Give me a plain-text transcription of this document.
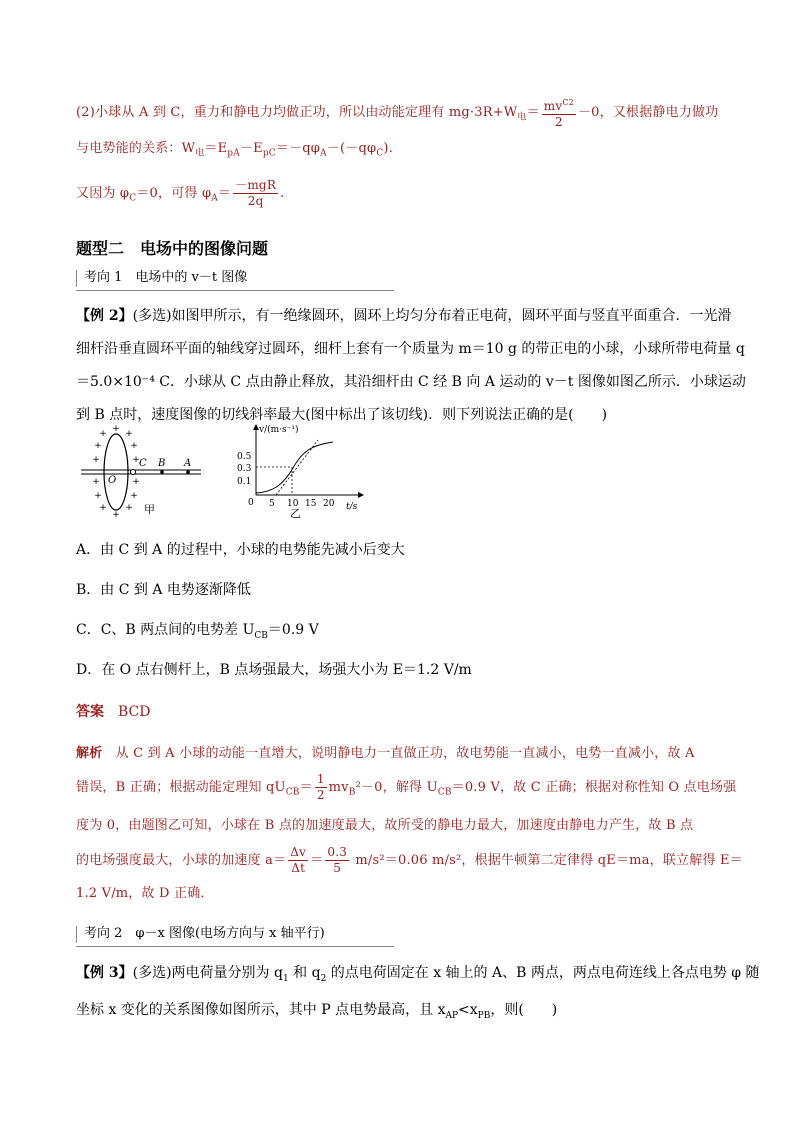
(2)小球从 A 到 C，重力和静电力均做正功，所以由动能定理有 $mg\cdot 3R+W_电= \frac{mv^{C2}}{2} -0$，又根据静电力做功
与电势能的关系：$W_电=E_{pA}-E_{pC}=-q\varphi_A-(-q\varphi_C)$.
又因为 $\varphi_C=0$，可得 $\varphi_A= \frac{\text{－mgR}}{2q}$ .
题型二　电场中的图像问题
考向 1　电场中的 v－t 图像
【例 2】(多选)如图甲所示，有一绝缘圆环，圆环上均匀分布着正电荷，圆环平面与竖直平面重合．一光滑
细杆沿垂直圆环平面的轴线穿过圆环，细杆上套有一个质量为 m＝10 g 的带正电的小球，小球所带电荷量 q
＝5.0×10⁻⁴ C．小球从 C 点由静止释放，其沿细杆由 C 经 B 向 A 运动的 v－t 图像如图乙所示．小球运动
到 B 点时，速度图像的切线斜率最大(图中标出了该切线)．则下列说法正确的是(　　)
+
+ +
+	+
+	+
+	+
+	+
+ +
+
C B A
O
甲
v/(m·s⁻¹)
t/s
0.5
0.3
0.1
0 5 10 15 20
乙
A．由 C 到 A 的过程中，小球的电势能先减小后变大
B．由 C 到 A 电势逐渐降低
C．C、B 两点间的电势差 $U_{CB}=0.9$ V
D．在 O 点右侧杆上，B 点场强最大，场强大小为 E＝1.2 V/m
答案　 BCD
解析　 从 C 到 A 小球的动能一直增大，说明静电力一直做正功，故电势能一直减小，电势一直减小，故 A
错误，B 正确；根据动能定理知 $qU_{CB}= \frac{1}{2} mv_B^2-0$，解得 $U_{CB}=0.9$ V，故 C 正确；根据对称性知 O 点电场强
度为 0，由题图乙可知，小球在 B 点的加速度最大，故所受的静电力最大，加速度由静电力产生，故 B 点
的电场强度最大，小球的加速度 $a= \frac{\Delta v}{\Delta t} = \frac{0.3}{5} m/s^2=0.06$ m/s²，根据牛顿第二定律得 qE＝ma，联立解得 E＝
1.2 V/m，故 D 正确．
考向 2　φ－x 图像(电场方向与 x 轴平行)
【例 3】(多选)两电荷量分别为 $q_1$ 和 $q_2$ 的点电荷固定在 x 轴上的 A、B 两点，两点电荷连线上各点电势 φ 随
坐标 x 变化的关系图像如图所示，其中 P 点电势最高，且 $x_{AP}<x_{PB}$，则(　　)
